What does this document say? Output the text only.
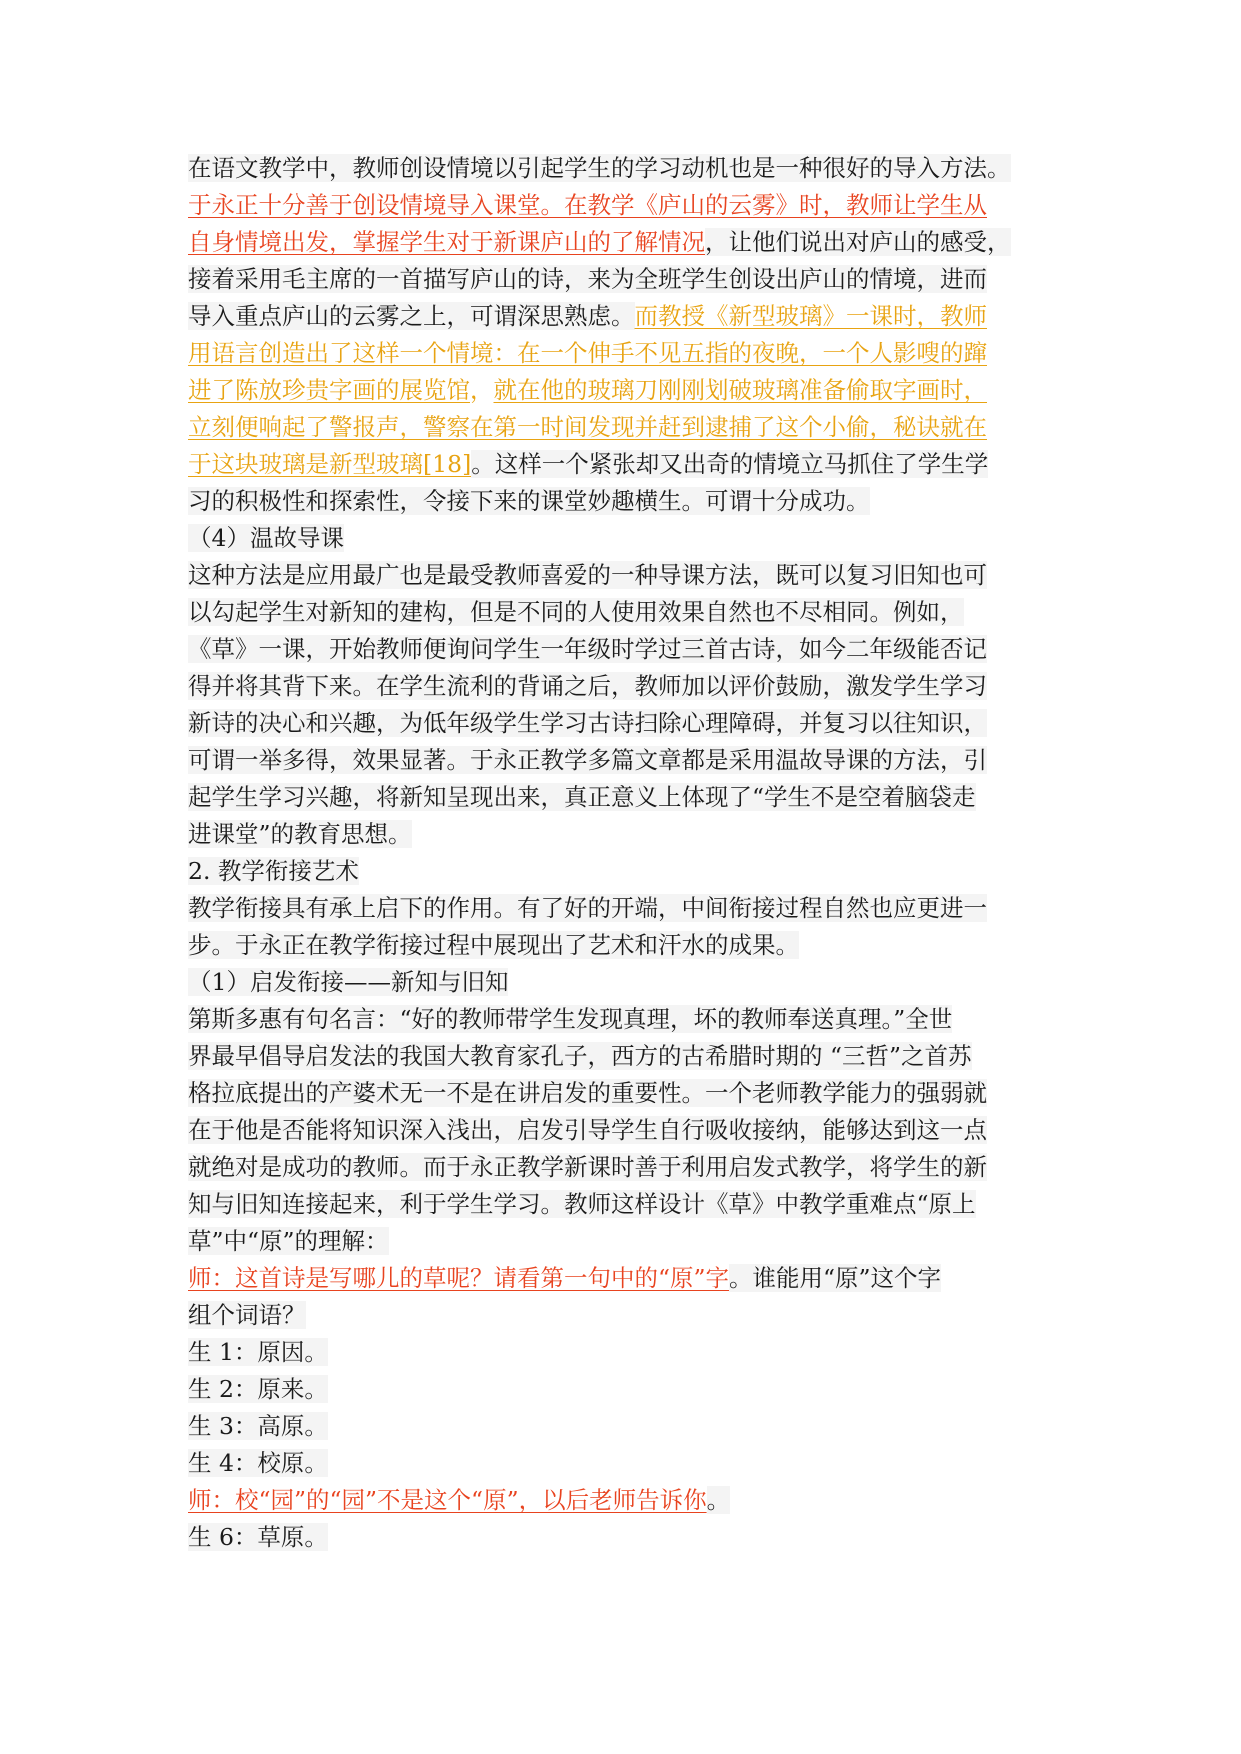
在语文教学中，教师创设情境以引起学生的学习动机也是一种很好的导入方法。
于永正十分善于创设情境导入课堂。在教学《庐山的云雾》时，教师让学生从
自身情境出发，掌握学生对于新课庐山的了解情况，让他们说出对庐山的感受，
接着采用毛主席的一首描写庐山的诗，来为全班学生创设出庐山的情境，进而
导入重点庐山的云雾之上，可谓深思熟虑。而教授《新型玻璃》一课时，教师
用语言创造出了这样一个情境：在一个伸手不见五指的夜晚，一个人影嗖的蹿
进了陈放珍贵字画的展览馆，就在他的玻璃刀刚刚划破玻璃准备偷取字画时，
立刻便响起了警报声，警察在第一时间发现并赶到逮捕了这个小偷，秘诀就在
于这块玻璃是新型玻璃[18]。这样一个紧张却又出奇的情境立马抓住了学生学
习的积极性和探索性，令接下来的课堂妙趣横生。可谓十分成功。
（4）温故导课
这种方法是应用最广也是最受教师喜爱的一种导课方法，既可以复习旧知也可
以勾起学生对新知的建构，但是不同的人使用效果自然也不尽相同。例如，
《草》一课，开始教师便询问学生一年级时学过三首古诗，如今二年级能否记
得并将其背下来。在学生流利的背诵之后，教师加以评价鼓励，激发学生学习
新诗的决心和兴趣，为低年级学生学习古诗扫除心理障碍，并复习以往知识，
可谓一举多得，效果显著。于永正教学多篇文章都是采用温故导课的方法，引
起学生学习兴趣，将新知呈现出来，真正意义上体现了“学生不是空着脑袋走
进课堂”的教育思想。
2. 教学衔接艺术
教学衔接具有承上启下的作用。有了好的开端，中间衔接过程自然也应更进一
步。于永正在教学衔接过程中展现出了艺术和汗水的成果。
（1）启发衔接——新知与旧知
第斯多惠有句名言：“好的教师带学生发现真理，坏的教师奉送真理。”全世
界最早倡导启发法的我国大教育家孔子，西方的古希腊时期的 “三哲”之首苏
格拉底提出的产婆术无一不是在讲启发的重要性。一个老师教学能力的强弱就
在于他是否能将知识深入浅出，启发引导学生自行吸收接纳，能够达到这一点
就绝对是成功的教师。而于永正教学新课时善于利用启发式教学，将学生的新
知与旧知连接起来，利于学生学习。教师这样设计《草》中教学重难点“原上
草”中“原”的理解：
师：这首诗是写哪儿的草呢？请看第一句中的“原”字。谁能用“原”这个字
组个词语？
生 1：原因。
生 2：原来。
生 3：高原。
生 4：校原。
师：校“园”的“园”不是这个“原”，以后老师告诉你。
生 6：草原。
